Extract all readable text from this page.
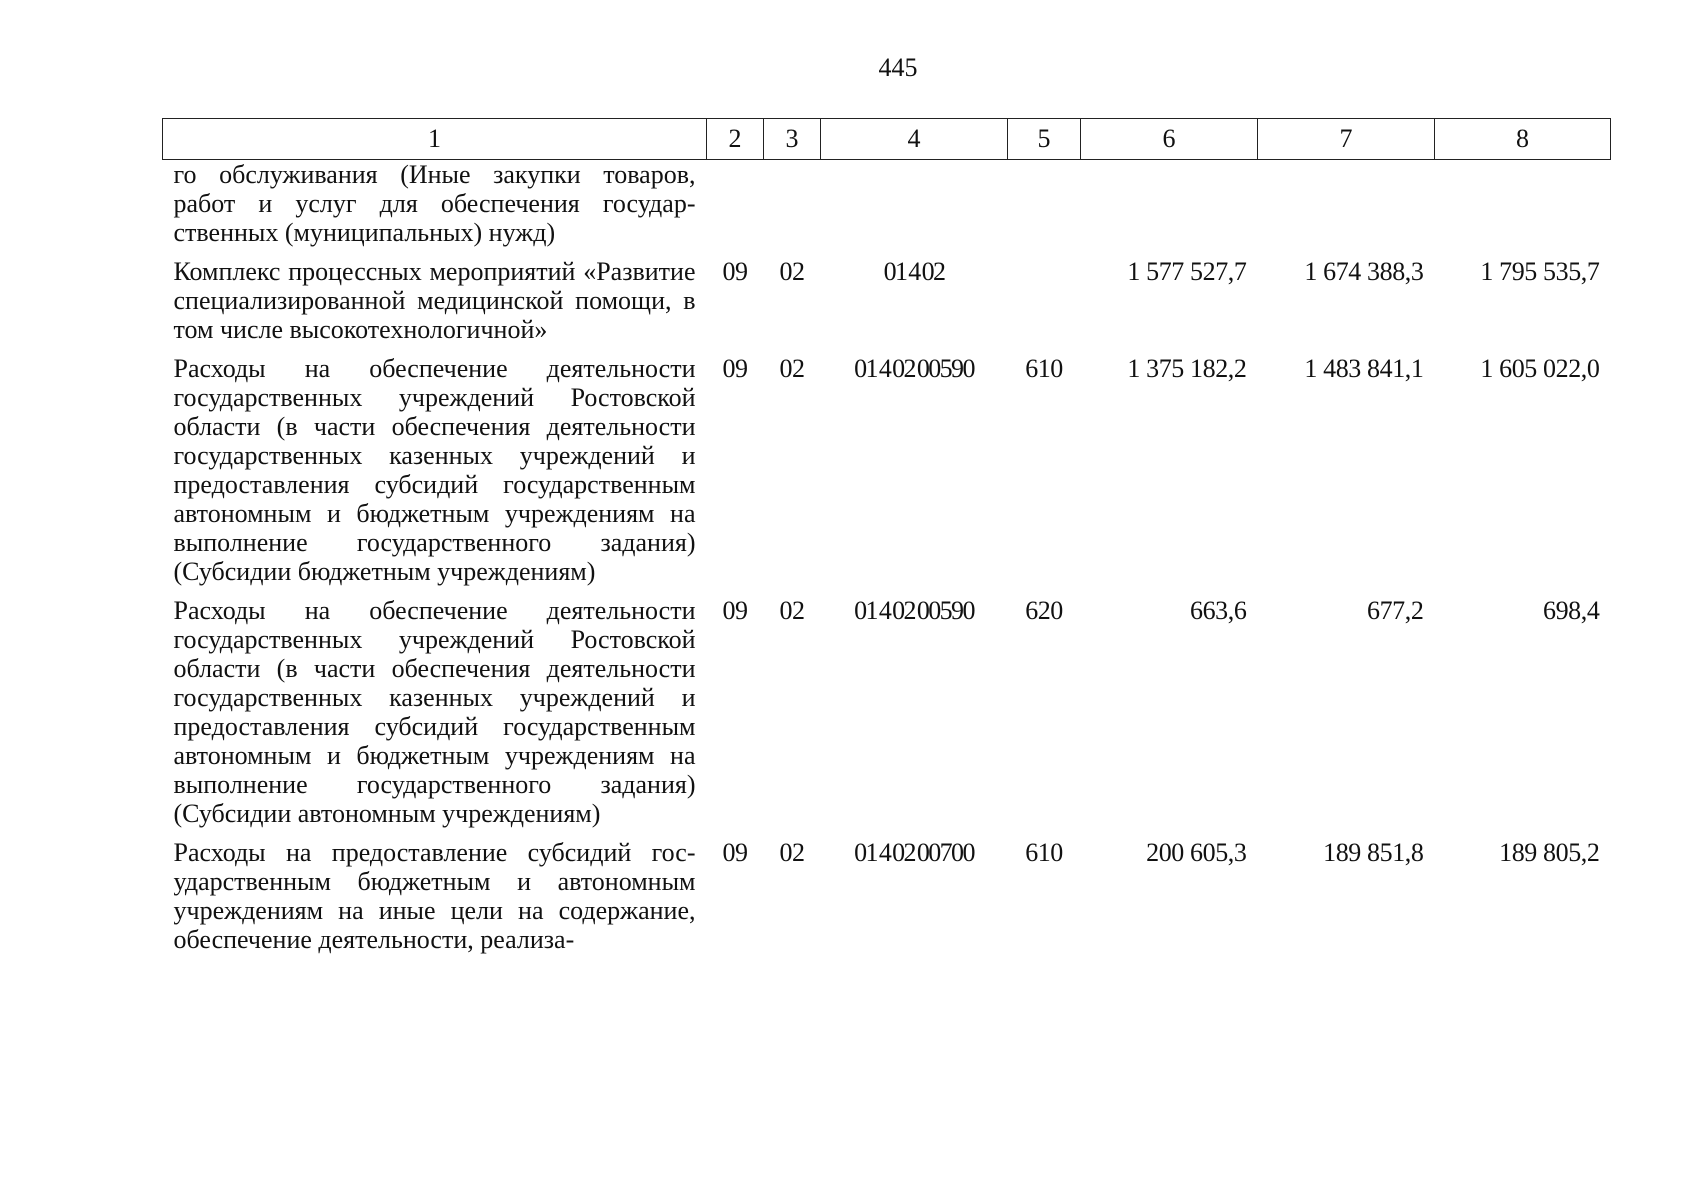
445
1	2	3	4	5	6	7	8
го обслуживания (Иные закупки товаров, работ и услуг для обеспечения государственных (муниципальных) нужд)							
Комплекс процессных мероприятий «Развитие специализированной медицинской помощи, в том числе высокотехнологичной»	09	02	01 4 02		1 577 527,7	1 674 388,3	1 795 535,7
Расходы на обеспечение деятельности государственных учреждений Ростовской области (в части обеспечения деятельности государственных казенных учреждений и предоставления субсидий государственным автономным и бюджетным учреждениям на выполнение государственного задания) (Субсидии бюджетным учреждениям)	09	02	01 4 02 00590	610	1 375 182,2	1 483 841,1	1 605 022,0
Расходы на обеспечение деятельности государственных учреждений Ростовской области (в части обеспечения деятельности государственных казенных учреждений и предоставления субсидий государственным автономным и бюджетным учреждениям на выполнение государственного задания) (Субсидии автономным учреждениям)	09	02	01 4 02 00590	620	663,6	677,2	698,4
Расходы на предоставление субсидий государственным бюджетным и автономным учреждениям на иные цели на содержание, обеспечение деятельности, реализа-	09	02	01 4 02 00700	610	200 605,3	189 851,8	189 805,2
